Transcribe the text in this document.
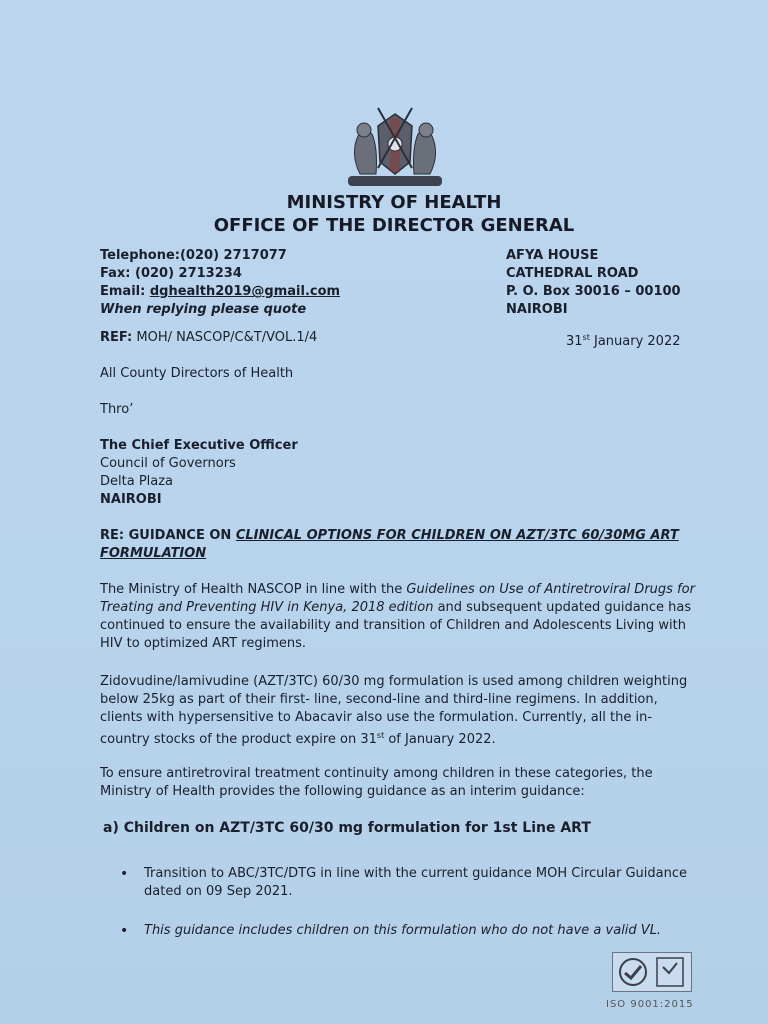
MINISTRY OF HEALTH
OFFICE OF THE DIRECTOR GENERAL
Telephone:(020) 2717077
Fax: (020) 2713234
Email: dghealth2019@gmail.com
When replying please quote
AFYA HOUSE
CATHEDRAL ROAD
P. O. Box 30016 – 00100
NAIROBI
REF: MOH/ NASCOP/C&T/VOL.1/4	31st January 2022
All County Directors of Health
Thro’
The Chief Executive Officer
Council of Governors
Delta Plaza
NAIROBI
RE: GUIDANCE ON CLINICAL OPTIONS FOR CHILDREN ON AZT/3TC 60/30MG ART FORMULATION
The Ministry of Health NASCOP in line with the Guidelines on Use of Antiretroviral Drugs for Treating and Preventing HIV in Kenya, 2018 edition and subsequent updated guidance has continued to ensure the availability and transition of Children and Adolescents Living with HIV to optimized ART regimens.
Zidovudine/lamivudine (AZT/3TC) 60/30 mg formulation is used among children weighting below 25kg as part of their first- line, second-line and third-line regimens. In addition, clients with hypersensitive to Abacavir also use the formulation. Currently, all the in-country stocks of the product expire on 31st of January 2022.
To ensure antiretroviral treatment continuity among children in these categories, the Ministry of Health provides the following guidance as an interim guidance:
a) Children on AZT/3TC 60/30 mg formulation for 1st Line ART
•	Transition to ABC/3TC/DTG in line with the current guidance MOH Circular Guidance dated on 09 Sep 2021.
•	This guidance includes children on this formulation who do not have a valid VL.
ISO 9001:2015
